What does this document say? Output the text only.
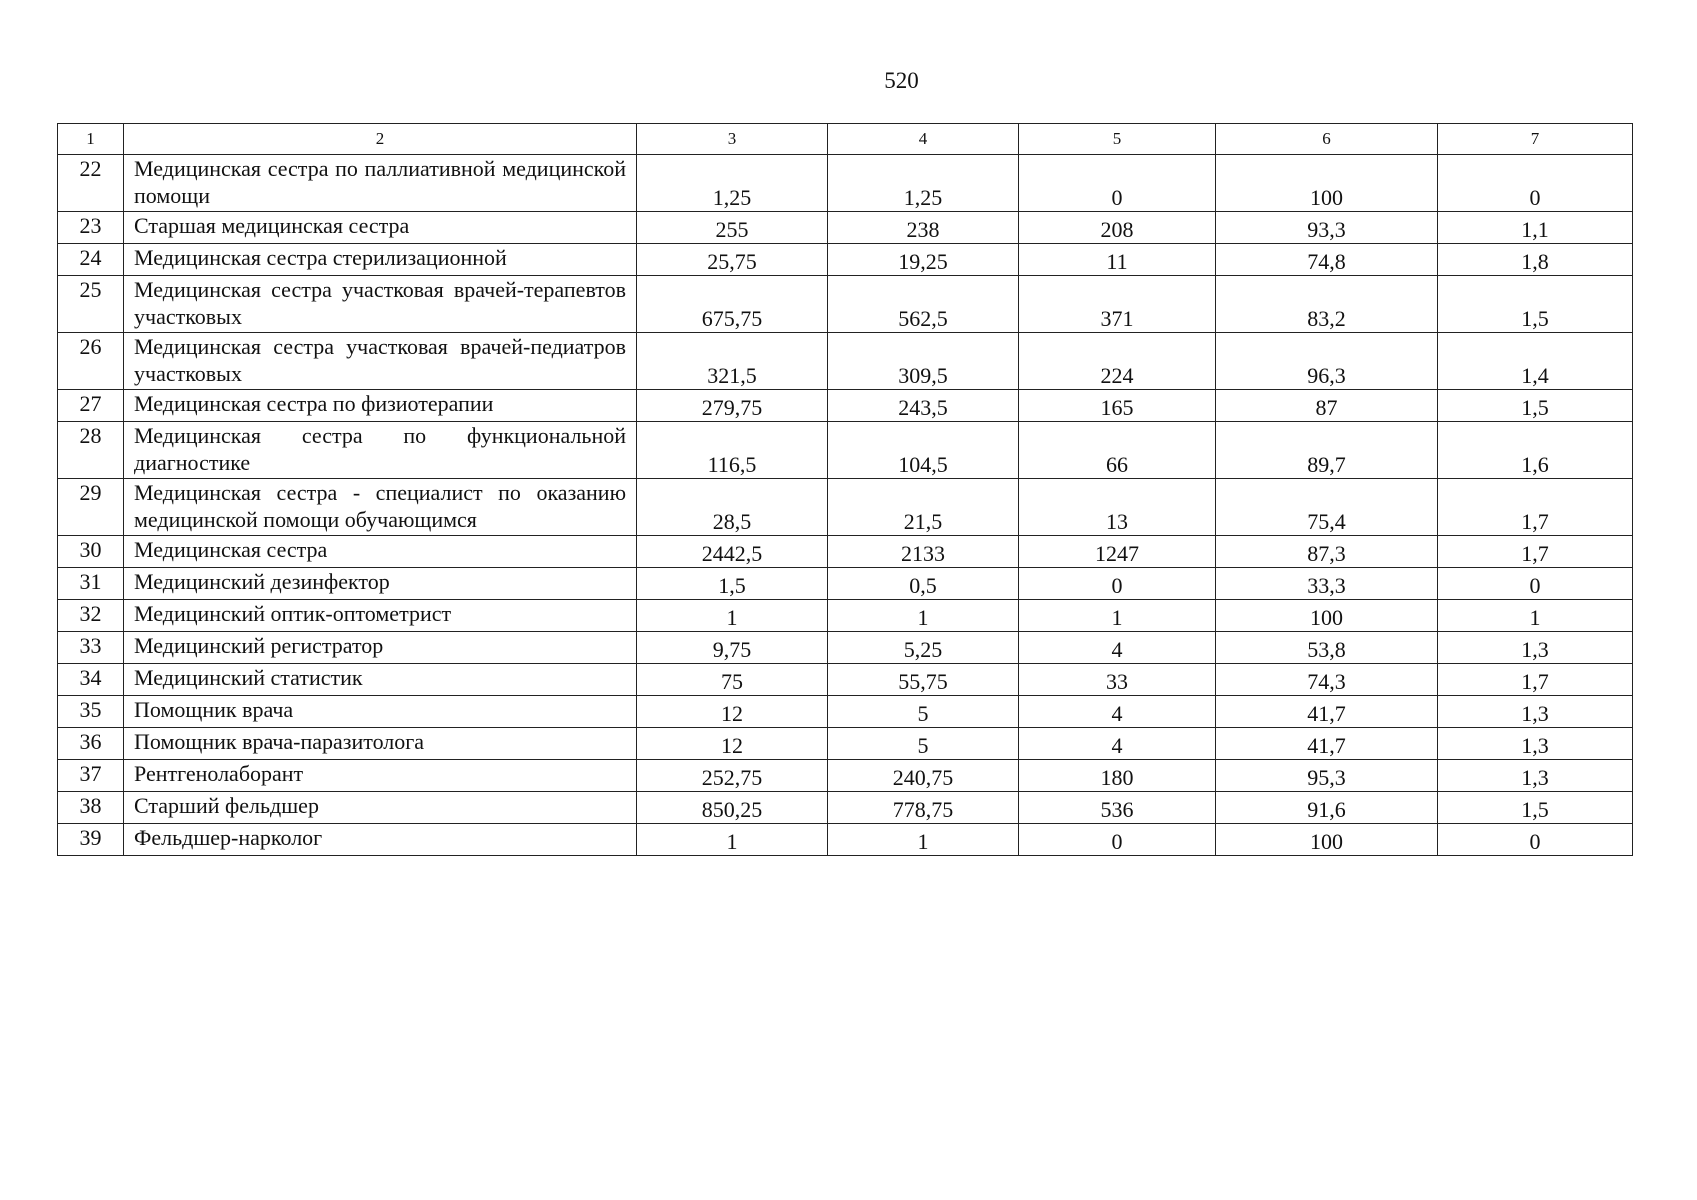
520
1	2	3	4	5	6	7
22	Медицинская сестра по паллиативной медицинской помощи	1,25	1,25	0	100	0
23	Старшая медицинская сестра	255	238	208	93,3	1,1
24	Медицинская сестра стерилизационной	25,75	19,25	11	74,8	1,8
25	Медицинская сестра участковая врачей-терапевтов участковых	675,75	562,5	371	83,2	1,5
26	Медицинская сестра участковая врачей-педиатров участковых	321,5	309,5	224	96,3	1,4
27	Медицинская сестра по физиотерапии	279,75	243,5	165	87	1,5
28	Медицинская сестра по функциональной диагностике	116,5	104,5	66	89,7	1,6
29	Медицинская сестра - специалист по оказанию медицинской помощи обучающимся	28,5	21,5	13	75,4	1,7
30	Медицинская сестра	2442,5	2133	1247	87,3	1,7
31	Медицинский дезинфектор	1,5	0,5	0	33,3	0
32	Медицинский оптик-оптометрист	1	1	1	100	1
33	Медицинский регистратор	9,75	5,25	4	53,8	1,3
34	Медицинский статистик	75	55,75	33	74,3	1,7
35	Помощник врача	12	5	4	41,7	1,3
36	Помощник врача-паразитолога	12	5	4	41,7	1,3
37	Рентгенолаборант	252,75	240,75	180	95,3	1,3
38	Старший фельдшер	850,25	778,75	536	91,6	1,5
39	Фельдшер-нарколог	1	1	0	100	0
